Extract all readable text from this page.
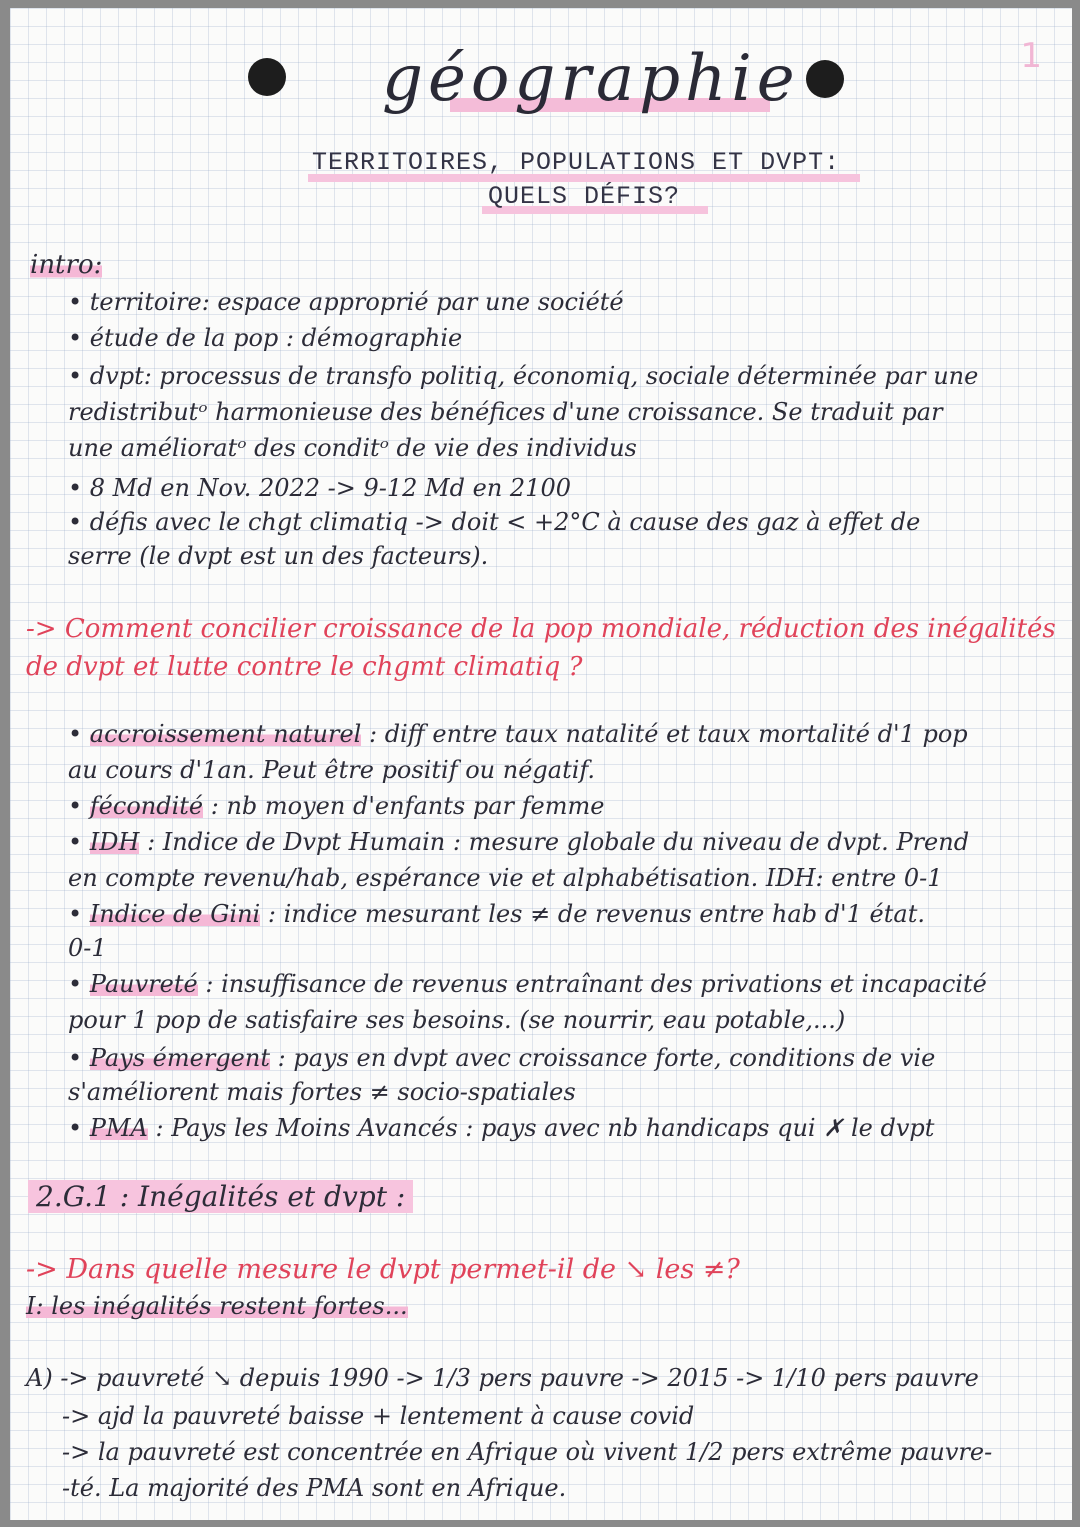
1
géographie
TERRITOIRES, POPULATIONS ET DVPT:
QUELS DÉFIS?
intro:
• territoire: espace approprié par une société
• étude de la pop : démographie
• dvpt: processus de transfo politiq, économiq, sociale déterminée par une
redistributᵒ harmonieuse des bénéfices d'une croissance. Se traduit par
une amélioratᵒ des conditᵒ de vie des individus
• 8 Md en Nov. 2022 -> 9-12 Md en 2100
• défis avec le chgt climatiq -> doit < +2°C à cause des gaz à effet de
serre (le dvpt est un des facteurs).
-> Comment concilier croissance de la pop mondiale, réduction des inégalités
de dvpt et lutte contre le chgmt climatiq ?
• accroissement naturel : diff entre taux natalité et taux mortalité d'1 pop
au cours d'1an. Peut être positif ou négatif.
• fécondité : nb moyen d'enfants par femme
• IDH : Indice de Dvpt Humain : mesure globale du niveau de dvpt. Prend
en compte revenu/hab, espérance vie et alphabétisation. IDH: entre 0-1
• Indice de Gini : indice mesurant les ≠ de revenus entre hab d'1 état.
0-1
• Pauvreté : insuffisance de revenus entraînant des privations et incapacité
pour 1 pop de satisfaire ses besoins. (se nourrir, eau potable,...)
• Pays émergent : pays en dvpt avec croissance forte, conditions de vie
s'améliorent mais fortes ≠ socio-spatiales
• PMA : Pays les Moins Avancés : pays avec nb handicaps qui ✗ le dvpt
2.G.1 : Inégalités et dvpt :
-> Dans quelle mesure le dvpt permet-il de ↘ les ≠?
I: les inégalités restent fortes...
A) -> pauvreté ↘ depuis 1990 -> 1/3 pers pauvre -> 2015 -> 1/10 pers pauvre
-> ajd la pauvreté baisse + lentement à cause covid
-> la pauvreté est concentrée en Afrique où vivent 1/2 pers extrême pauvre-
-té. La majorité des PMA sont en Afrique.
